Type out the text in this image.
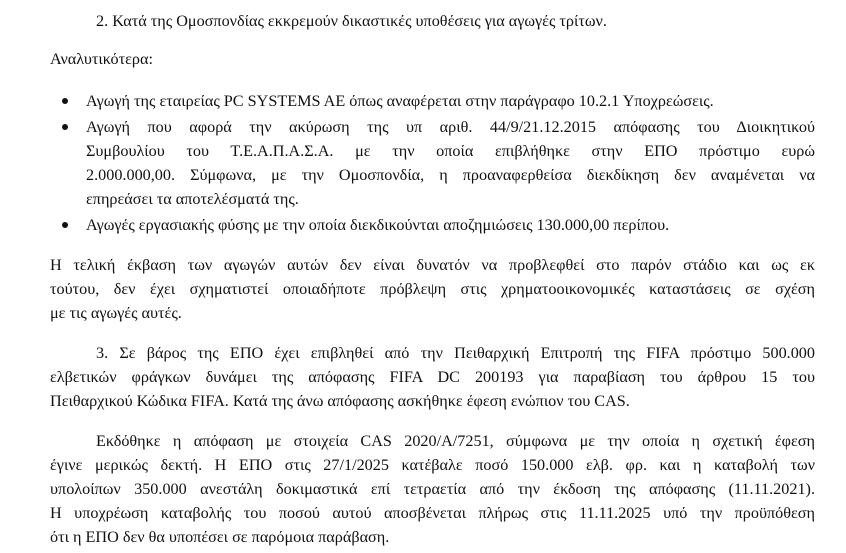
2. Κατά της Ομοσπονδίας εκκρεμούν δικαστικές υποθέσεις για αγωγές τρίτων.

Αναλυτικότερα:

Αγωγή της εταιρείας PC SYSTEMS AE όπως αναφέρεται στην παράγραφο 10.2.1 Υποχρεώσεις.

Αγωγή που αφορά την ακύρωση της υπ αριθ. 44/9/21.12.2015 απόφασης του Διοικητικού

Συμβουλίου του Τ.Ε.Α.Π.Α.Σ.Α. με την οποία επιβλήθηκε στην ΕΠΟ πρόστιμο ευρώ

2.000.000,00. Σύμφωνα, με την Ομοσπονδία, η προαναφερθείσα διεκδίκηση δεν αναμένεται να

επηρεάσει τα αποτελέσματά της.

Αγωγές εργασιακής φύσης με την οποία διεκδικούνται αποζημιώσεις 130.000,00 περίπου.

Η τελική έκβαση των αγωγών αυτών δεν είναι δυνατόν να προβλεφθεί στο παρόν στάδιο και ως εκ

τούτου, δεν έχει σχηματιστεί οποιαδήποτε πρόβλεψη στις χρηματοοικονομικές καταστάσεις σε σχέση

με τις αγωγές αυτές.

3. Σε βάρος της ΕΠΟ έχει επιβληθεί από την Πειθαρχική Επιτροπή της FIFA πρόστιμο 500.000

ελβετικών φράγκων δυνάμει της απόφασης FIFA DC 200193 για παραβίαση του άρθρου 15 του

Πειθαρχικού Κώδικα FIFA. Κατά της άνω απόφασης ασκήθηκε έφεση ενώπιον του CAS.

Εκδόθηκε η απόφαση με στοιχεία CAS 2020/A/7251, σύμφωνα με την οποία η σχετική έφεση

έγινε μερικώς δεκτή. Η ΕΠΟ στις 27/1/2025 κατέβαλε ποσό 150.000 ελβ. φρ. και η καταβολή των

υπολοίπων 350.000 ανεστάλη δοκιμαστικά επί τετραετία από την έκδοση της απόφασης (11.11.2021).

Η υποχρέωση καταβολής του ποσού αυτού αποσβένεται πλήρως στις 11.11.2025 υπό την προϋπόθεση

ότι η ΕΠΟ δεν θα υποπέσει σε παρόμοια παράβαση.
